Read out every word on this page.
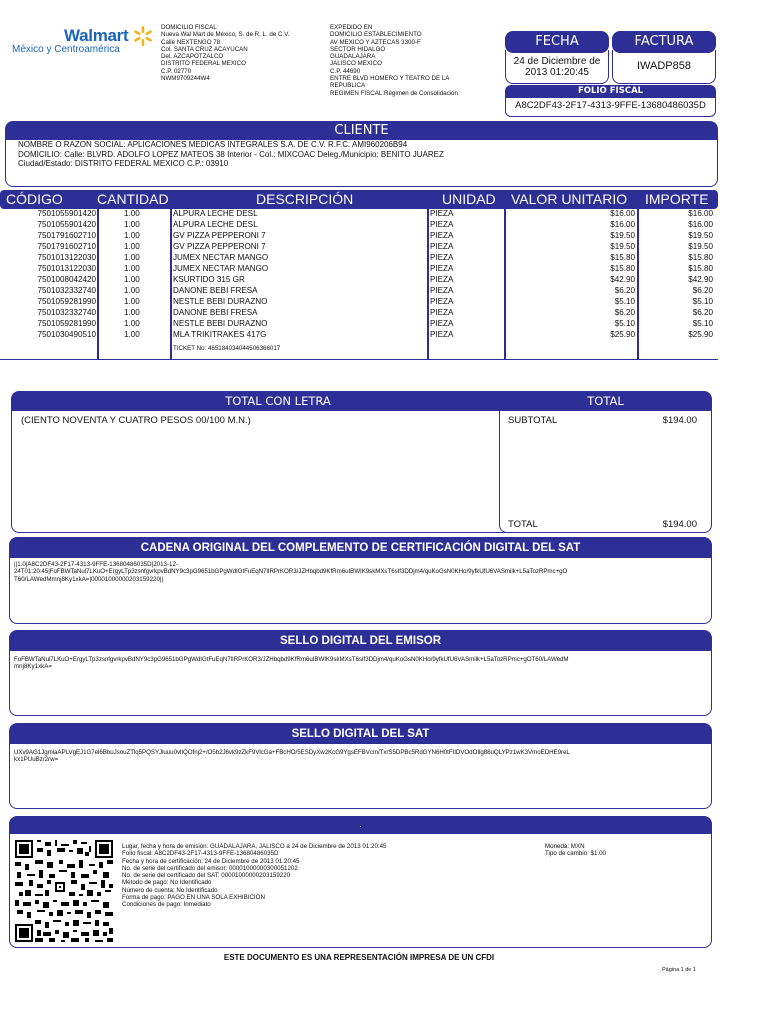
Walmart
México y Centroamérica
DOMICILIO FISCAL
Nueva Wal Mart de México, S. de R. L. de C.V.
Calle NEXTENGO 78
Col. SANTA CRUZ ACAYUCAN
Del. AZCAPOTZALCO
DISTRITO FEDERAL MEXICO
C.P. 02770
NWM9709244W4
EXPEDIDO EN
DOMICILIO ESTABLECIMIENTO
AV MEXICO Y AZTECAS 3300-F
SECTOR HIDALGO
GUADALAJARA
JALISCO MEXICO
C.P. 44690
ENTRE BLVD HOMERO Y TEATRO DE LA
REPUBLICA
REGIMEN FISCAL:Régimen de Consolidación
FECHA	FACTURA
24 de Diciembre de
2013 01:20:45
IWADP858
FOLIO FISCAL
A8C2DF43-2F17-4313-9FFE-13680486035D
CLIENTE
NOMBRE O RAZON SOCIAL: APLICACIONES MEDICAS INTEGRALES S.A. DE C.V. R.F.C. AMI960206B94
DOMICILIO: Calle: BLVRD. ADOLFO LOPEZ MATEOS 38 Interior - Col.: MIXCOAC Deleg./Municipio: BENITO JUAREZ
Ciudad/Estado: DISTRITO FEDERAL MEXICO C.P.: 03910
CÓDIGO CANTIDAD	DESCRIPCIÓN	UNIDAD VALOR UNITARIO IMPORTE
7501055901420	1.00	ALPURA LECHE DESL	PIEZA	$16.00	$16.00
7501055901420	1.00	ALPURA LECHE DESL	PIEZA	$16.00	$16.00
7501791602710	1.00	GV PIZZA PEPPERONI 7	PIEZA	$19.50	$19.50
7501791602710	1.00	GV PIZZA PEPPERONI 7	PIEZA	$19.50	$19.50
7501013122030	1.00	JUMEX NECTAR MANGO	PIEZA	$15.80	$15.80
7501013122030	1.00	JUMEX NECTAR MANGO	PIEZA	$15.80	$15.80
7501008042420	1.00	KSURTIDO 315 GR	PIEZA	$42.90	$42.90
7501032332740	1.00	DANONE BEBI FRESA	PIEZA	$6.20	$6.20
7501059281990	1.00	NESTLE BEBI DURAZNO	PIEZA	$5.10	$5.10
7501032332740	1.00	DANONE BEBI FRESA	PIEZA	$6.20	$6.20
7501059281990	1.00	NESTLE BEBI DURAZNO	PIEZA	$5.10	$5.10
7501030490510	1.00	MLA TRIKITRAKES 417G	PIEZA	$25.90	$25.90
TICKET No: 465184034044506366017
TOTAL CON LETRA
(CIENTO NOVENTA Y CUATRO PESOS 00/100 M.N.)
TOTAL
SUBTOTAL	$194.00
TOTAL	$194.00
CADENA ORIGINAL DEL COMPLEMENTO DE CERTIFICACIÓN DIGITAL DEL SAT
||1.0|A8C2DF43-2F17-4313-9FFE-13680486035D|2013-12-
24T01:20:45|FoFBWTaNul7LKuO+ErgyLTp3zsnfgvrkpvBdNY9c3pG9651bGPgWdIGtFuEqN7lIRPrKOR3/JZHbqbd9KfRm6uIBWIK9skMXsT6sIf3DDjm4/quKoGsN0KHo/9yfkUfU6VASmilk+L5aTozRPmc+gO
T60/LAWedMmnj8Ky1xkA=|00001000000203159220||
SELLO DIGITAL DEL EMISOR
FoFBWTaNul7LKuO+ErgyLTp3zsnfgvrkpvBdNY9c3pG9651bGPgWdIGtFuEqN7lIRPrKOR3/JZHbqbd9KfRm6uIBWIK9skMXsT6sIf3DDjm4/quKoGsN0KHo/9yfkUfU6VASmilk+L5aTozRPmc+gOT60/LAWedM
mnj8Ky1xkA=
SELLO DIGITAL DEL SAT
UXv9AG1JgmlaAPLVgEJ1G7el6BbuJsouZTlq5PQSYJluuu0vlIQOfnj2+/O5b2J6vk9zZkF9VlcGa+FBcHO/5ESDyXw2KcG9YgsEFBVcm/TxrS5DPBc5RdGYN6H0tFIIDVOdOIlg88uQLYPz1wK3VmoEDHE9reL
kx1PUuBz/2rw=
.
Lugar, fecha y hora de emisión: GUADALAJARA, JALISCO a 24 de Diciembre de 2013 01:20:45
Folio fiscal: A8C2DF43-2F17-4313-9FFE-13680486035D
Fecha y hora de certificación: 24 de Diciembre de 2013 01:20:45
No. de serie del certificado del emisor: 00001000000300051202
No. de serie del certificado del SAT: 00001000000203159220
Método de pago: No Identificado
Número de cuenta: No Identificado
Forma de pago: PAGO EN UNA SOLA EXHIBICION
Condiciones de pago: Inmediato
Moneda: MXN
Tipo de cambio: $1.00
ESTE DOCUMENTO ES UNA REPRESENTACIÓN IMPRESA DE UN CFDI
Página 1 de 1
